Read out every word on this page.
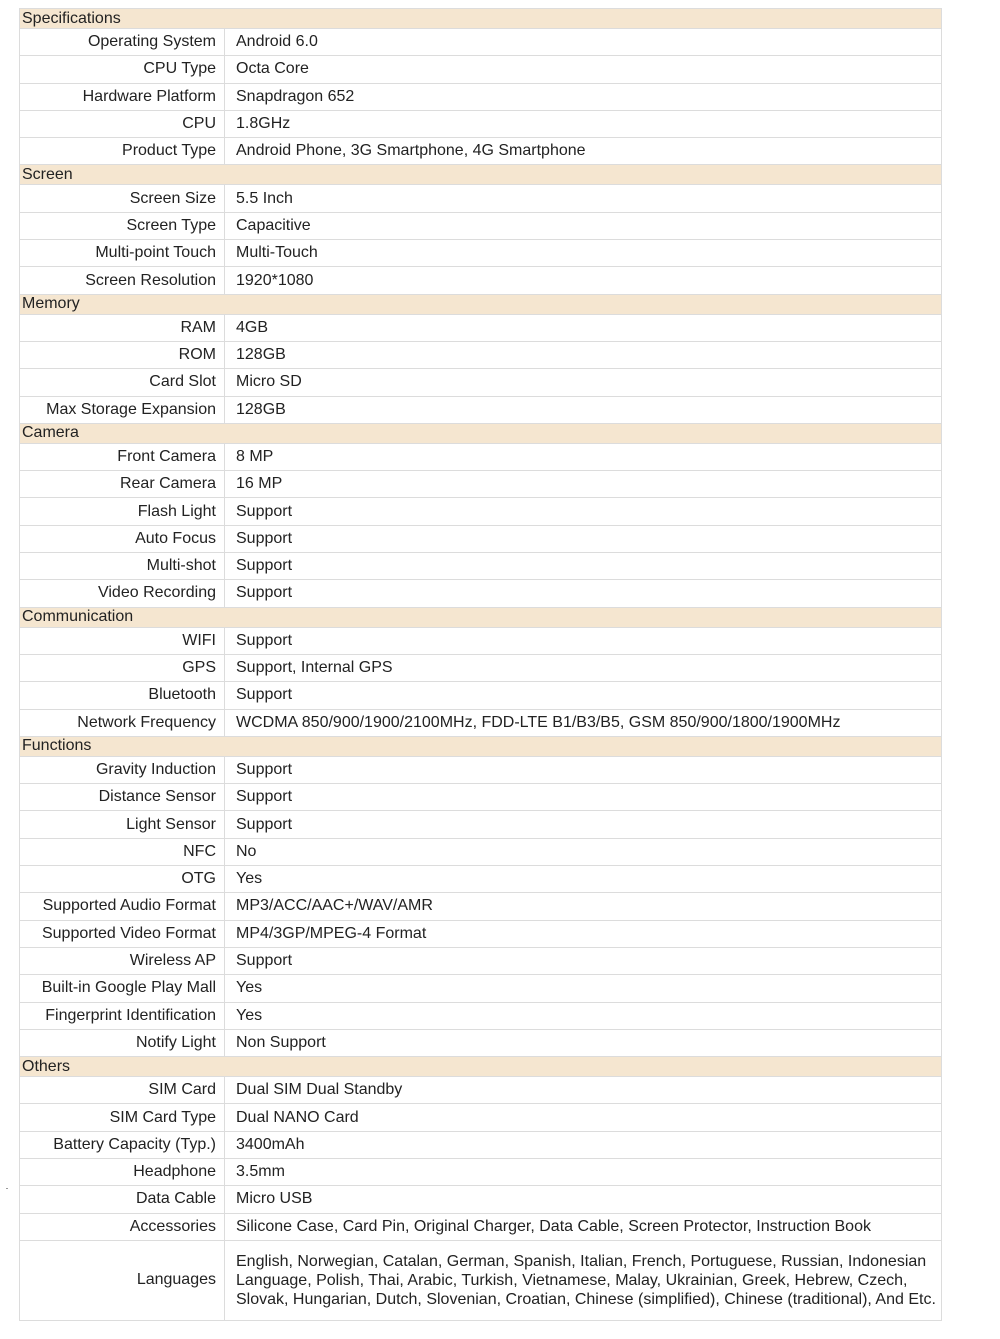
Specifications	
Operating System	Android 6.0
CPU Type	Octa Core
Hardware Platform	Snapdragon 652
CPU	1.8GHz
Product Type	Android Phone, 3G Smartphone, 4G Smartphone
Screen	
Screen Size	5.5 Inch
Screen Type	Capacitive
Multi-point Touch	Multi-Touch
Screen Resolution	1920*1080
Memory	
RAM	4GB
ROM	128GB
Card Slot	Micro SD
Max Storage Expansion	128GB
Camera	
Front Camera	8 MP
Rear Camera	16 MP
Flash Light	Support
Auto Focus	Support
Multi-shot	Support
Video Recording	Support
Communication	
WIFI	Support
GPS	Support, Internal GPS
Bluetooth	Support
Network Frequency	WCDMA 850/900/1900/2100MHz, FDD-LTE B1/B3/B5, GSM 850/900/1800/1900MHz
Functions	
Gravity Induction	Support
Distance Sensor	Support
Light Sensor	Support
NFC	No
OTG	Yes
Supported Audio Format	MP3/ACC/AAC+/WAV/AMR
Supported Video Format	MP4/3GP/MPEG-4 Format
Wireless AP	Support
Built-in Google Play Mall	Yes
Fingerprint Identification	Yes
Notify Light	Non Support
Others	
SIM Card	Dual SIM Dual Standby
SIM Card Type	Dual NANO Card
Battery Capacity (Typ.)	3400mAh
Headphone	3.5mm
Data Cable	Micro USB
Accessories	Silicone Case, Card Pin, Original Charger, Data Cable, Screen Protector, Instruction Book
Languages	English, Norwegian, Catalan, German, Spanish, Italian, French, Portuguese, Russian, Indonesian Language, Polish, Thai, Arabic, Turkish, Vietnamese, Malay, Ukrainian, Greek, Hebrew, Czech, Slovak, Hungarian, Dutch, Slovenian, Croatian, Chinese (simplified), Chinese (traditional), And Etc.
